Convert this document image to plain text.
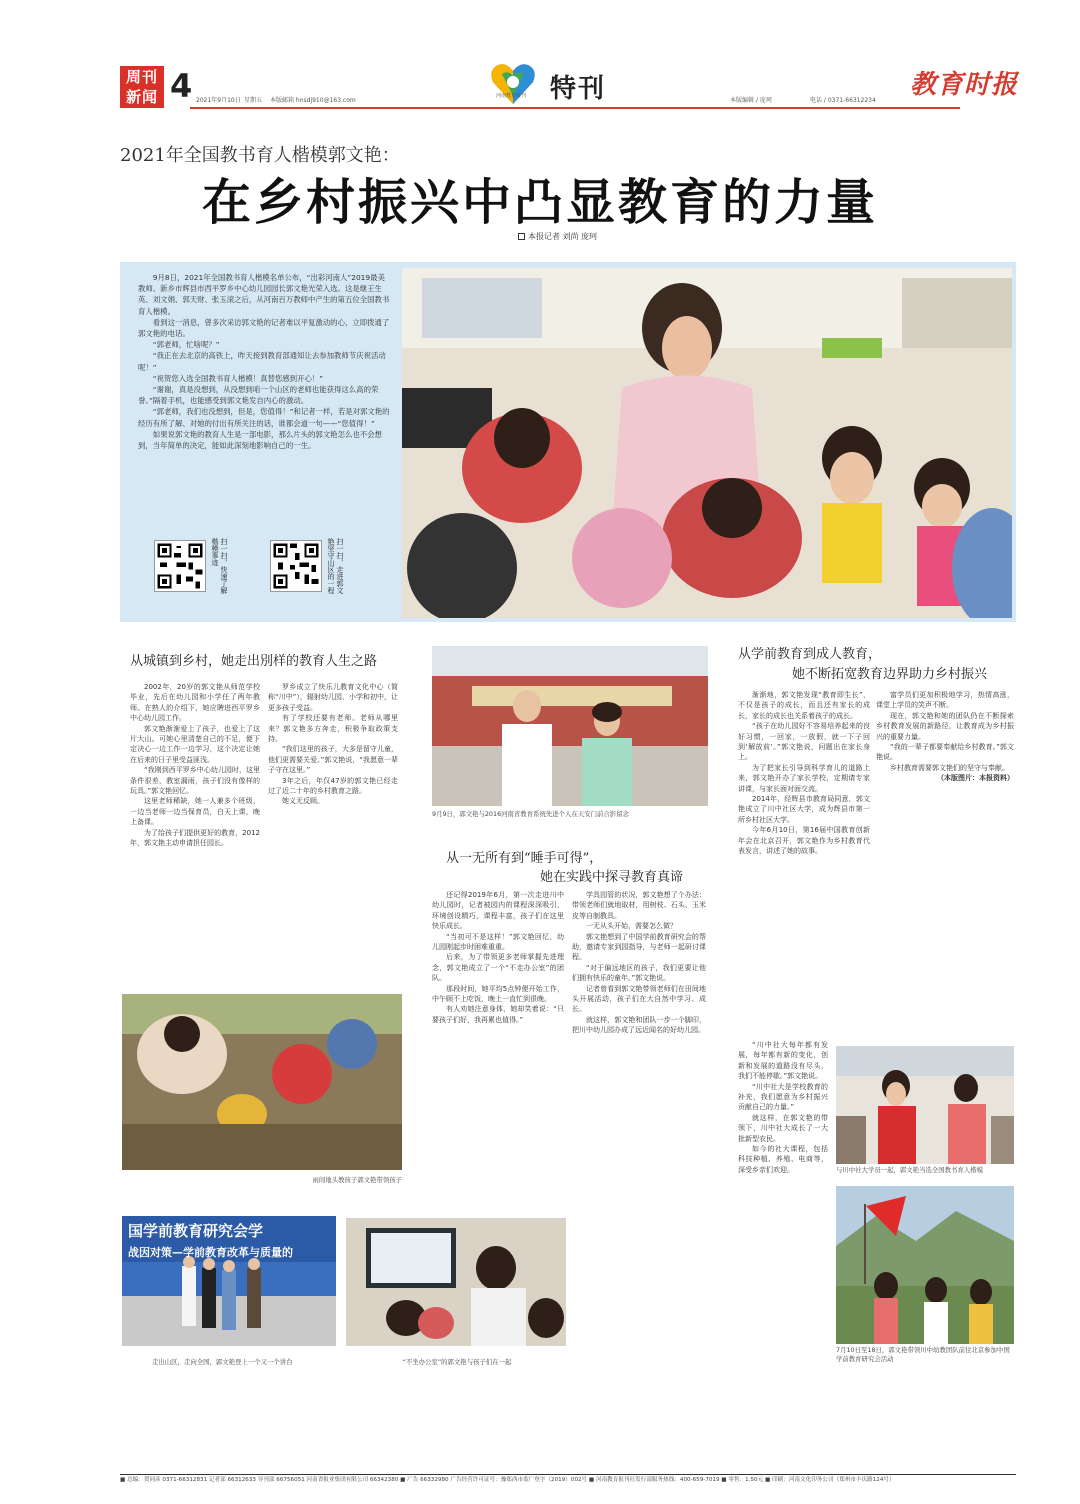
周刊新闻 4 2021年9月10日 星期五 本版邮箱 hnsdj910@163.com
河南教育报刊 特刊	本版编辑 / 庞珂	电话 / 0371-66312234
教育时报
2021年全国教书育人楷模郭文艳：
在乡村振兴中凸显教育的力量
本报记者 刘尚 庞珂

9月8日，2021年全国教书育人楷模名单公布，“出彩河南人”2019最美教师、新乡市辉县市西平罗乡中心幼儿园园长郭文艳光荣入选。这是继王生英、刘文娟、郭天财、张玉滚之后，从河南百万教师中产生的第五位全国教书育人楷模。

看到这一消息，曾多次采访郭文艳的记者难以平复激动的心，立即拨通了郭文艳的电话。

“郭老师，忙啥呢？”

“我正在去北京的高铁上，昨天接到教育部通知让去参加教师节庆祝活动呢！”

“祝贺您入选全国教书育人楷模！真替您感到开心！”

“谢谢，真是没想到，从没想到咱一个山区的老师也能获得这么高的荣誉。”隔着手机，也能感受到郭文艳发自内心的激动。

“郭老师，我们也没想到，但是，您值得！”和记者一样，若是对郭文艳的经历有所了解、对她的付出有所关注的话，谁都会道一句——“您值得！”

如果说郭文艳的教育人生是一部电影，那么片头的郭文艳怎么也不会想到，当年简单的决定，能如此深刻地影响自己的一生。

扫一扫，快速了解楷模事迹	扫一扫，走进郭文艳坚守山区的一程
从城镇到乡村，她走出別样的教育人生之路

2002年，20岁的郭文艳从师范学校毕业，先后在幼儿园和小学任了两年教师。在熟人的介绍下，她应聘进西平罗乡中心幼儿园工作。

郭文艳渐渐爱上了孩子，也爱上了这片大山。可她心里清楚自己的不足，便下定决心一边工作一边学习，这个决定让她在后来的日子里受益匪浅。

“我刚到西平罗乡中心幼儿园时，这里条件很差，教室漏雨，孩子们没有像样的玩具。”郭文艳回忆。

这里老师稀缺，她一人兼多个班级，一边当老师一边当保育员，白天上课，晚上备课。

为了给孩子们提供更好的教育，2012年，郭文艳主动申请担任园长。

罗乡成立了快乐儿教育文化中心（简称“川中”），辐射幼儿园、小学和初中，让更多孩子受益。

有了学校还要有老师。老师从哪里来？郭文艳多方奔走，积极争取政策支持。

“我们这里的孩子，大多是留守儿童，他们更需要关爱。”郭文艳说，“我愿意一辈子守在这里。”

3年之后，年仅47岁的郭文艳已经走过了近二十年的乡村教育之路。

她义无反顾。

9月9日，郭文艳与2016河南省教育系统先进个人在天安门前合影留念
从一无所有到“睡手可得”，
她在实践中探寻教育真谛

还记得2019年6月，第一次走进川中幼儿园时，记者被园内的课程深深吸引，环境创设精巧，课程丰富，孩子们在这里快乐成长。

“当初可不是这样！”郭文艳回忆，幼儿园刚起步时困难重重。

后来，为了带领更多老师掌握先进理念，郭文艳成立了一个“不走办公室”的团队。

那段时间，她平均5点钟便开始工作，中午顾不上吃饭，晚上一直忙到很晚。

有人劝她注意身体，她却笑着说：“只要孩子们好，我再累也值得。”

学具园管的状况，郭文艳想了个办法：带领老师们就地取材，用树枝、石头、玉米皮等自制教具。

一无从头开始，需要怎么做？

郭文艳想到了中国学前教育研究会的帮助，邀请专家到园指导，与老师一起研讨课程。

“对于偏远地区的孩子，我们更要让他们拥有快乐的童年。”郭文艳说。

记者曾看到郭文艳带领老师们在田间地头开展活动，孩子们在大自然中学习、成长。

就这样，郭文艳和团队一步一个脚印，把川中幼儿园办成了远近闻名的好幼儿园。

雨间地头教孩子郭文艳带领孩子
国学前教育研究会学
战因对策—学前教育改革与质量的
走出山区，走向全国，郭文艳登上一个又一个讲台	“不坐办公室”的郭文艳与孩子们在一起
从学前教育到成人教育，
她不断拓宽教育边界助力乡村振兴

渐渐地，郭文艳发现“教育即生长”，不仅是孩子的成长，而且还有家长的成长，家长的成长也关系着孩子的成长。

“孩子在幼儿园好不容易培养起来的良好习惯，一回家，一放假，就一下子回到‘解放前’。”郭文艳说，问题出在家长身上。

为了把家长引导到科学育儿的道路上来，郭文艳开办了家长学校，定期请专家讲课，与家长面对面交流。

2014年，经辉县市教育局同意，郭文艳成立了川中社区大学，成为辉县市第一所乡村社区大学。

今年6月10日，第16届中国教育创新年会在北京召开，郭文艳作为乡村教育代表发言，讲述了她的故事。

富学员们更加积极地学习，热情高涨，课堂上学员的笑声不断。

现在，郭文艳和她的团队仍在不断探索乡村教育发展的新路径，让教育成为乡村振兴的重要力量。

“我的一辈子都要奉献给乡村教育。”郭文艳说。

乡村教育需要郭文艳们的坚守与奉献。

（本版图片：本报资料）

“川中社大每年都有发展，每年都有新的变化，创新和发展的道路没有尽头，我们不能停歇。”郭文艳说。

“川中社大是学校教育的补充，我们愿意为乡村振兴贡献自己的力量。”

就这样，在郭文艳的带领下，川中社大成长了一大批新型农民。

如今的社大课程，包括科技种植、养殖、电商等，深受乡亲们欢迎。	与川中社大学员一起，郭文艳当选全国教书育人楷模
7月10日至18日，郭文艳带领川中幼教团队前往北京参加中国学前教育研究会活动
■ 总编：贺同彦 0371-66312831 记者部 66312633 导刊部 66756051 河南省报业集团有限公司 66342380 ■ 广告 66332980 广告经营许可证号：豫郑西市监广登字（2019）002号 ■ 河南教育报刊社发行部服务热线：400-659-7019 ■ 零售：1.50元 ■ 印刷：河南文化印务公司（郑州市丰庆路124号）
